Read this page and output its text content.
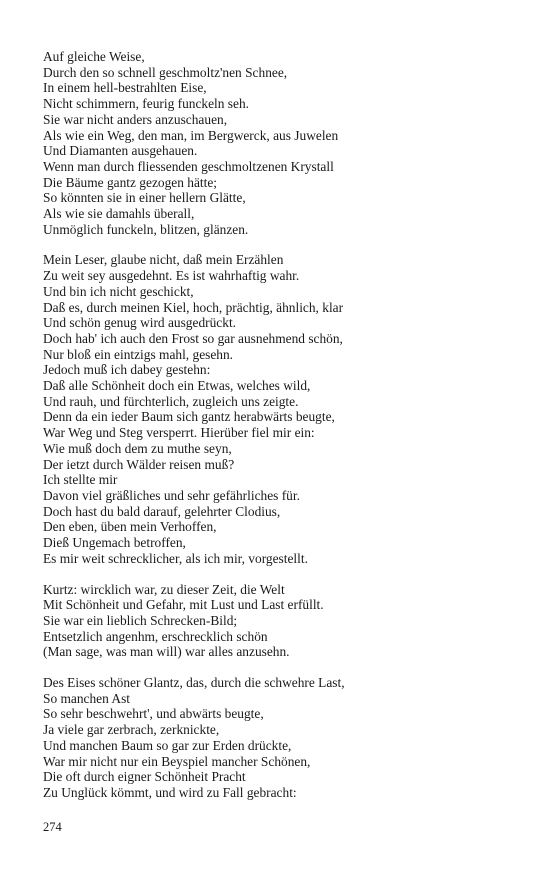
Auf gleiche Weise,
Durch den so schnell geschmoltz'nen Schnee,
In einem hell-bestrahlten Eise,
Nicht schimmern, feurig funckeln seh.
Sie war nicht anders anzuschauen,
Als wie ein Weg, den man, im Bergwerck, aus Juwelen
Und Diamanten ausgehauen.
Wenn man durch fliessenden geschmoltzenen Krystall
Die Bäume gantz gezogen hätte;
So könnten sie in einer hellern Glätte,
Als wie sie damahls überall,
Unmöglich funckeln, blitzen, glänzen.
Mein Leser, glaube nicht, daß mein Erzählen
Zu weit sey ausgedehnt. Es ist wahrhaftig wahr.
Und bin ich nicht geschickt,
Daß es, durch meinen Kiel, hoch, prächtig, ähnlich, klar
Und schön genug wird ausgedrückt.
Doch hab' ich auch den Frost so gar ausnehmend schön,
Nur bloß ein eintzigs mahl, gesehn.
Jedoch muß ich dabey gestehn:
Daß alle Schönheit doch ein Etwas, welches wild,
Und rauh, und fürchterlich, zugleich uns zeigte.
Denn da ein ieder Baum sich gantz herabwärts beugte,
War Weg und Steg versperrt. Hierüber fiel mir ein:
Wie muß doch dem zu muthe seyn,
Der ietzt durch Wälder reisen muß?
Ich stellte mir
Davon viel gräßliches und sehr gefährliches für.
Doch hast du bald darauf, gelehrter Clodius,
Den eben, üben mein Verhoffen,
Dieß Ungemach betroffen,
Es mir weit schrecklicher, als ich mir, vorgestellt.
Kurtz: wircklich war, zu dieser Zeit, die Welt
Mit Schönheit und Gefahr, mit Lust und Last erfüllt.
Sie war ein lieblich Schrecken-Bild;
Entsetzlich angenhm, erschrecklich schön
(Man sage, was man will) war alles anzusehn.
Des Eises schöner Glantz, das, durch die schwehre Last,
So manchen Ast
So sehr beschwehrt', und abwärts beugte,
Ja viele gar zerbrach, zerknickte,
Und manchen Baum so gar zur Erden drückte,
War mir nicht nur ein Beyspiel mancher Schönen,
Die oft durch eigner Schönheit Pracht
Zu Unglück kömmt, und wird zu Fall gebracht:
274
